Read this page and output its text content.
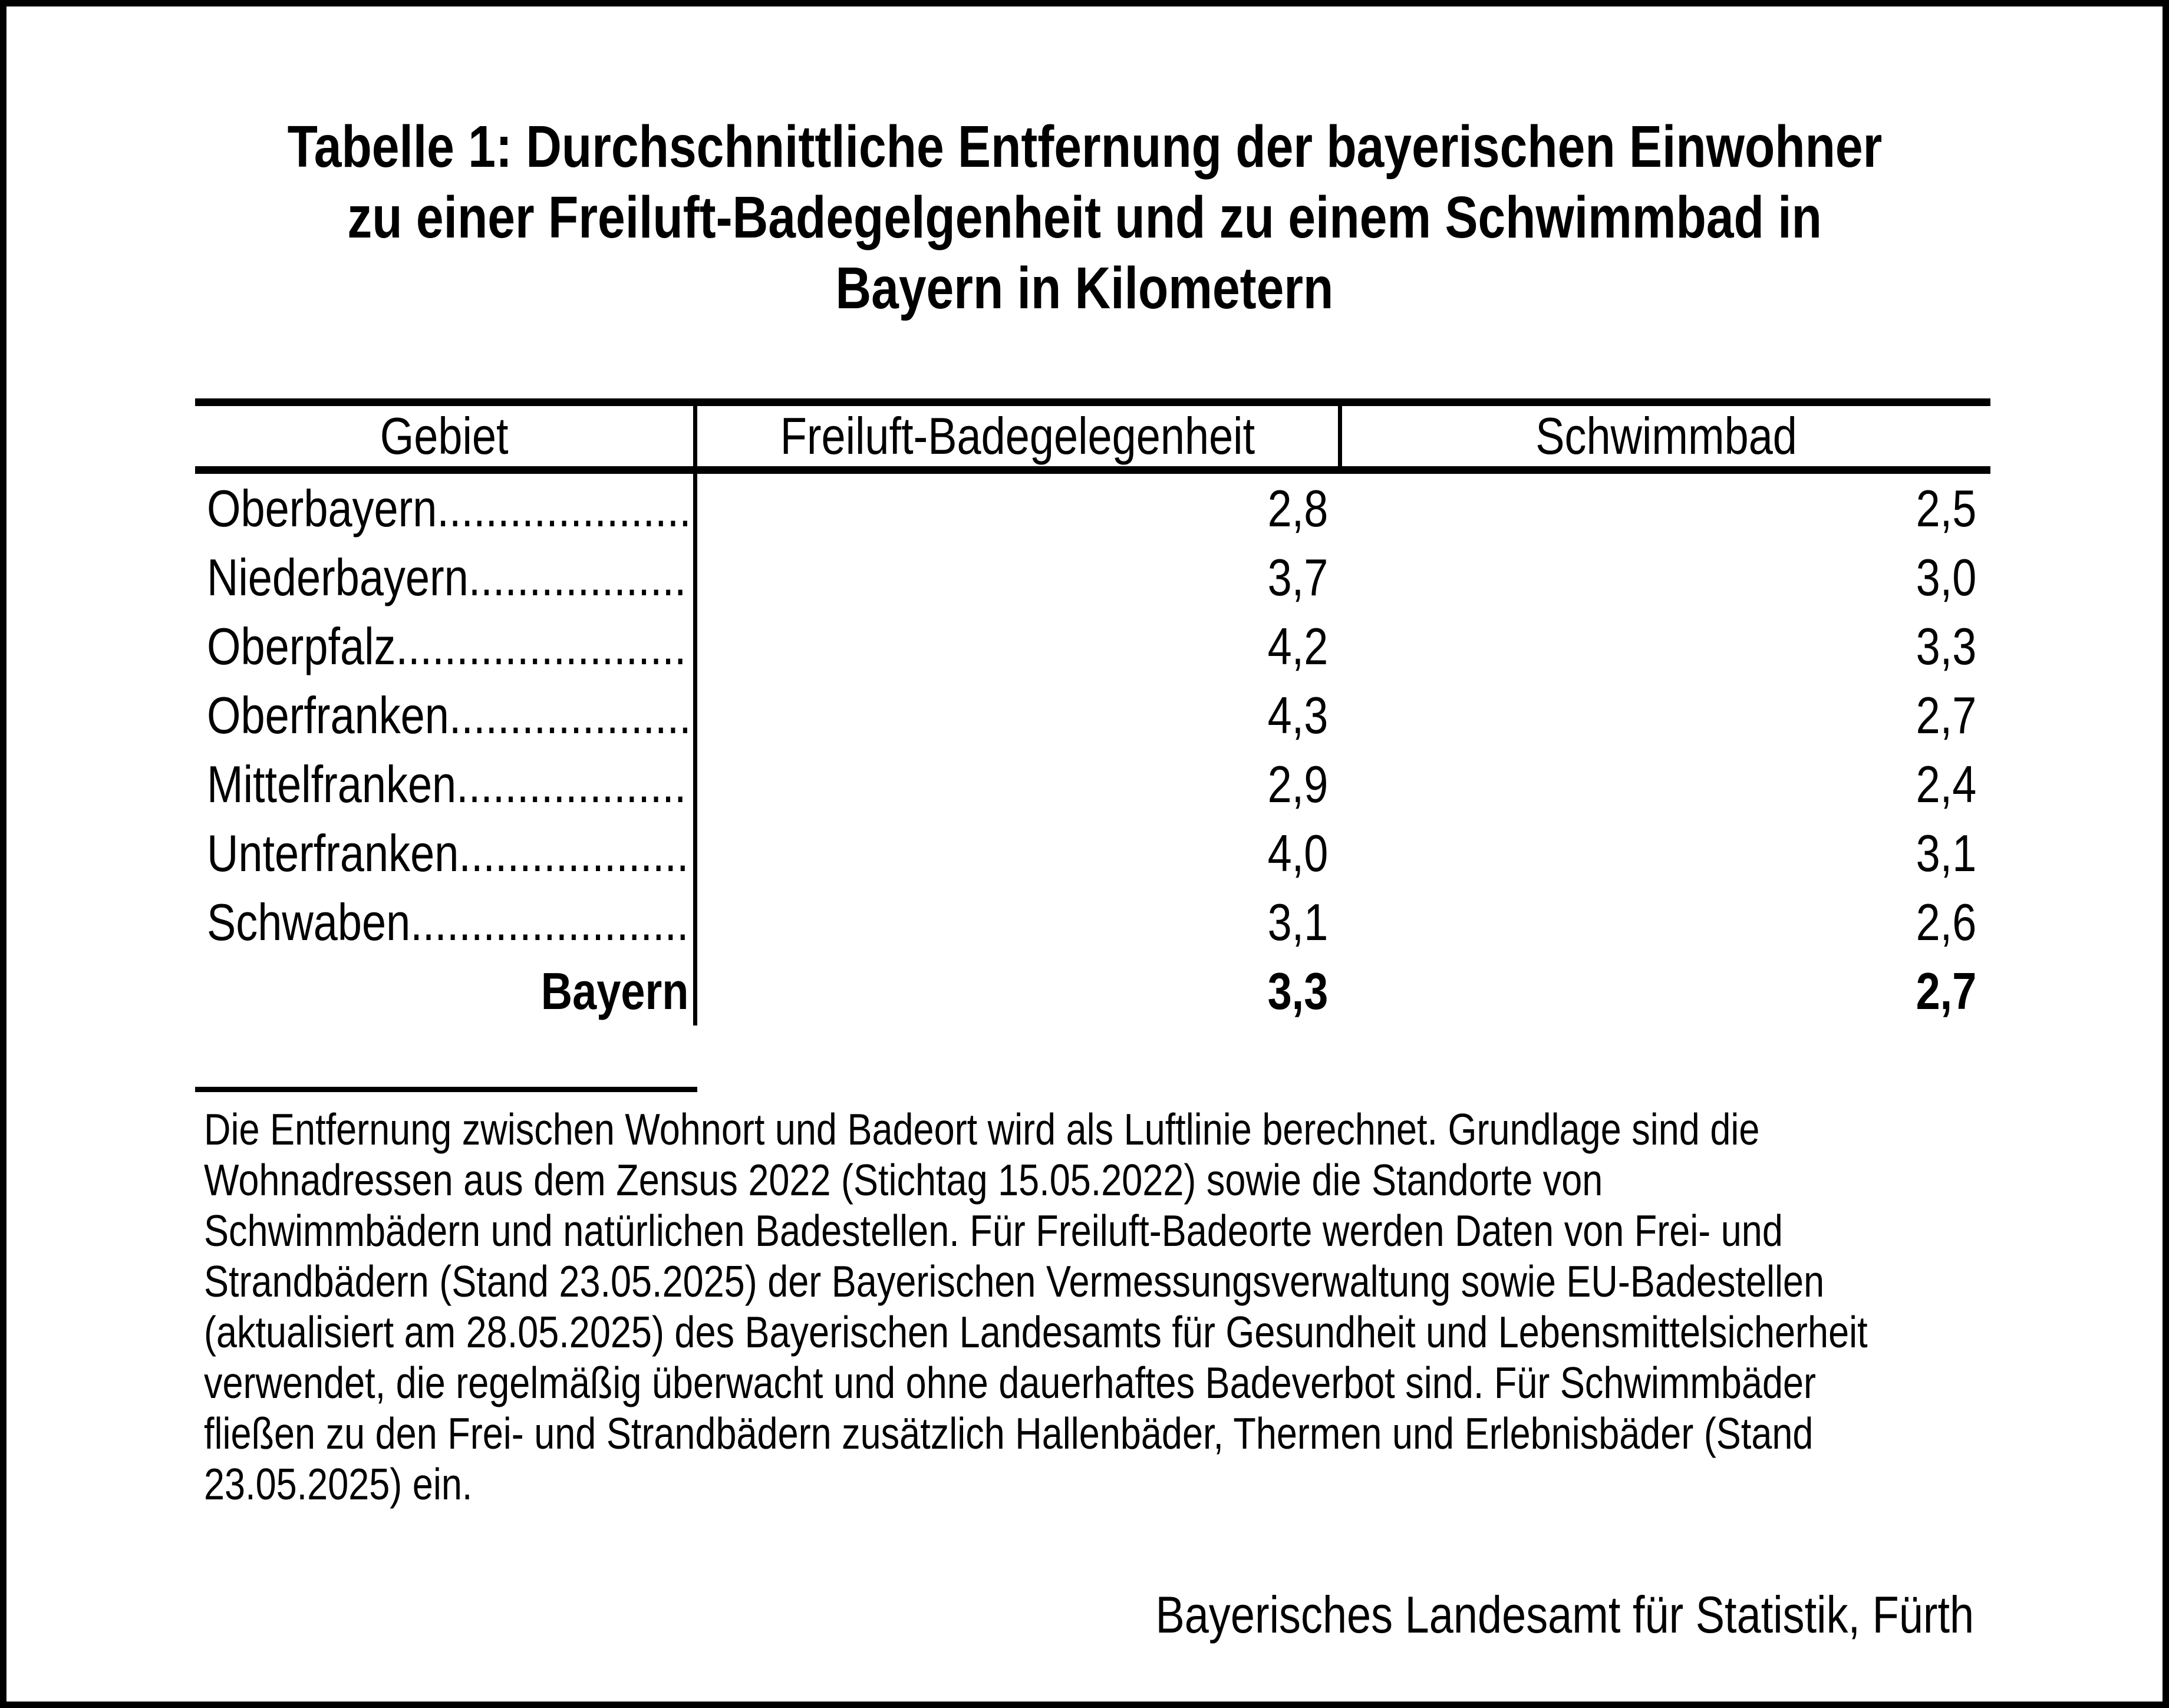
Tabelle 1: Durchschnittliche Entfernung der bayerischen Einwohner
zu einer Freiluft-Badegelgenheit und zu einem Schwimmbad in
Bayern in Kilometern
Gebiet	Freiluft-Badegelegenheit	Schwimmbad
Oberbayern.....................	2,8	2,5
Niederbayern..................	3,7	3,0
Oberpfalz........................	4,2	3,3
Oberfranken....................	4,3	2,7
Mittelfranken...................	2,9	2,4
Unterfranken...................	4,0	3,1
Schwaben.......................	3,1	2,6
Bayern	3,3	2,7
Die Entfernung zwischen Wohnort und Badeort wird als Luftlinie berechnet. Grundlage sind die
Wohnadressen aus dem Zensus 2022 (Stichtag 15.05.2022) sowie die Standorte von
Schwimmbädern und natürlichen Badestellen. Für Freiluft-Badeorte werden Daten von Frei- und
Strandbädern (Stand 23.05.2025) der Bayerischen Vermessungsverwaltung sowie EU-Badestellen
(aktualisiert am 28.05.2025) des Bayerischen Landesamts für Gesundheit und Lebensmittelsicherheit
verwendet, die regelmäßig überwacht und ohne dauerhaftes Badeverbot sind. Für Schwimmbäder
fließen zu den Frei- und Strandbädern zusätzlich Hallenbäder, Thermen und Erlebnisbäder (Stand
23.05.2025) ein.
Bayerisches Landesamt für Statistik, Fürth
